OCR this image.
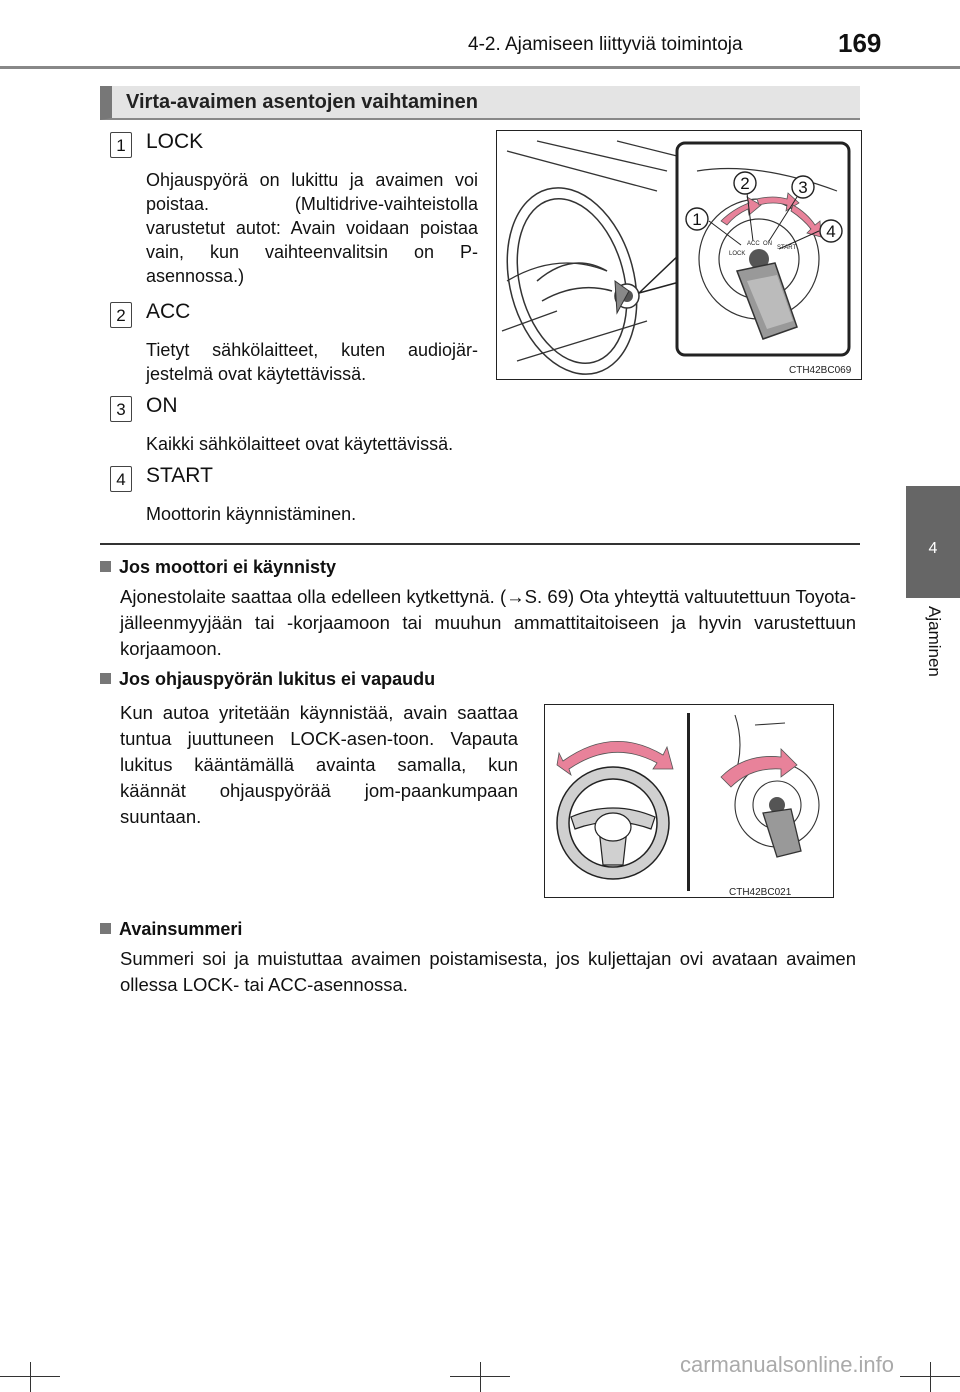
4-2. Ajamiseen liittyviä toimintoja	169
4
Ajaminen
Virta-avaimen asentojen vaihtaminen
1 LOCK
Ohjauspyörä on lukittu ja avaimen voi poistaa. (Multidrive-vaihteistolla varustetut autot: Avain voidaan poistaa vain, kun vaihteenvalitsin on P-asennossa.)
2 ACC
Tietyt sähkölaitteet, kuten audiojär-jestelmä ovat käytettävissä.
3 ON
Kaikki sähkölaitteet ovat käytettävissä.
4 START
Moottorin käynnistäminen.
LOCK
ACC ON
START
1
2	3
4
CTH42BC069
Jos moottori ei käynnisty
Ajonestolaite saattaa olla edelleen kytkettynä. (→S. 69) Ota yhteyttä valtuutettuun Toyota-jälleenmyyjään tai -korjaamoon tai muuhun ammattitaitoiseen ja hyvin varustettuun korjaamoon.
Jos ohjauspyörän lukitus ei vapaudu
Kun autoa yritetään käynnistää, avain saattaa tuntua juuttuneen LOCK-asen-toon. Vapauta lukitus kääntämällä avainta samalla, kun käännät ohjauspyörää jom-paankumpaan suuntaan.
CTH42BC021
Avainsummeri
Summeri soi ja muistuttaa avaimen poistamisesta, jos kuljettajan ovi avataan avaimen ollessa LOCK- tai ACC-asennossa.
carmanualsonline.info
